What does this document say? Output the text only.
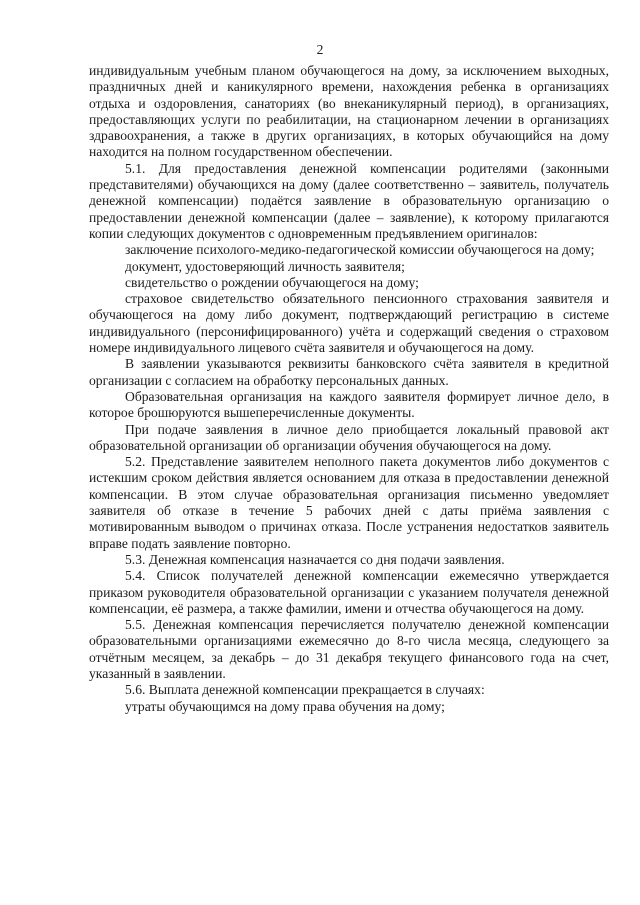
2

индивидуальным учебным планом обучающегося на дому, за исключением выходных, праздничных дней и каникулярного времени, нахождения ребенка в организациях отдыха и оздоровления, санаториях (во внеканикулярный период), в организациях, предоставляющих услуги по реабилитации, на стационарном лечении в организациях здравоохранения, а также в других организациях, в которых обучающийся на дому находится на полном государственном обеспечении.

5.1. Для предоставления денежной компенсации родителями (законными представителями) обучающихся на дому (далее соответственно – заявитель, получатель денежной компенсации) подаётся заявление в образовательную организацию о предоставлении денежной компенсации (далее – заявление), к которому прилагаются копии следующих документов с одновременным предъявлением оригиналов:

заключение психолого-медико-педагогической комиссии обучающегося на дому;

документ, удостоверяющий личность заявителя;

свидетельство о рождении обучающегося на дому;

страховое свидетельство обязательного пенсионного страхования заявителя и обучающегося на дому либо документ, подтверждающий регистрацию в системе индивидуального (персонифицированного) учёта и содержащий сведения о страховом номере индивидуального лицевого счёта заявителя и обучающегося на дому.

В заявлении указываются реквизиты банковского счёта заявителя в кредитной организации с согласием на обработку персональных данных.

Образовательная организация на каждого заявителя формирует личное дело, в которое брошюруются вышеперечисленные документы.

При подаче заявления в личное дело приобщается локальный правовой акт образовательной организации об организации обучения обучающегося на дому.

5.2. Представление заявителем неполного пакета документов либо документов с истекшим сроком действия является основанием для отказа в предоставлении денежной компенсации. В этом случае образовательная организация письменно уведомляет заявителя об отказе в течение 5 рабочих дней с даты приёма заявления с мотивированным выводом о причинах отказа. После устранения недостатков заявитель вправе подать заявление повторно.

5.3. Денежная компенсация назначается со дня подачи заявления.

5.4. Список получателей денежной компенсации ежемесячно утверждается приказом руководителя образовательной организации с указанием получателя денежной компенсации, её размера, а также фамилии, имени и отчества обучающегося на дому.

5.5. Денежная компенсация перечисляется получателю денежной компенсации образовательными организациями ежемесячно до 8-го числа месяца, следующего за отчётным месяцем, за декабрь – до 31 декабря текущего финансового года на счет, указанный в заявлении.

5.6. Выплата денежной компенсации прекращается в случаях:

утраты обучающимся на дому права обучения на дому;
